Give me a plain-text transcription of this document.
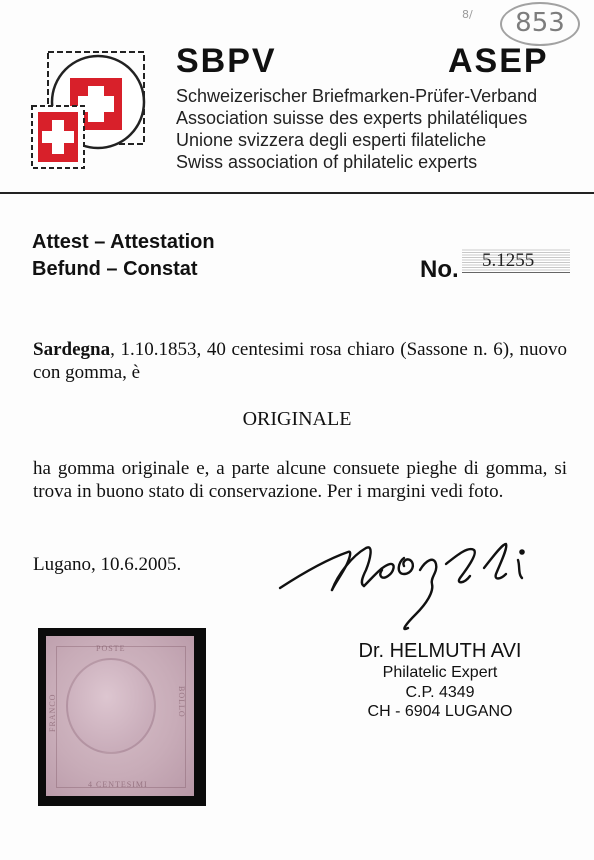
8/	853
SBPV	ASEP
Schweizerischer Briefmarken-Prüfer-Verband
Association suisse des experts philatéliques
Unione svizzera degli esperti filateliche
Swiss association of philatelic experts
Attest – Attestation
Befund – Constat	No.	5.1255
Sardegna, 1.10.1853, 40 centesimi rosa chiaro (Sassone n. 6), nuovo con gomma, è
ORIGINALE
ha gomma originale e, a parte alcune consuete pieghe di gomma, si trova in buono stato di conservazione. Per i margini vedi foto.
Lugano, 10.6.2005.
Dr. HELMUTH AVI
Philatelic Expert
C.P. 4349
CH - 6904 LUGANO
POSTE
FRANCO	BOLLO
4 CENTESIMI
